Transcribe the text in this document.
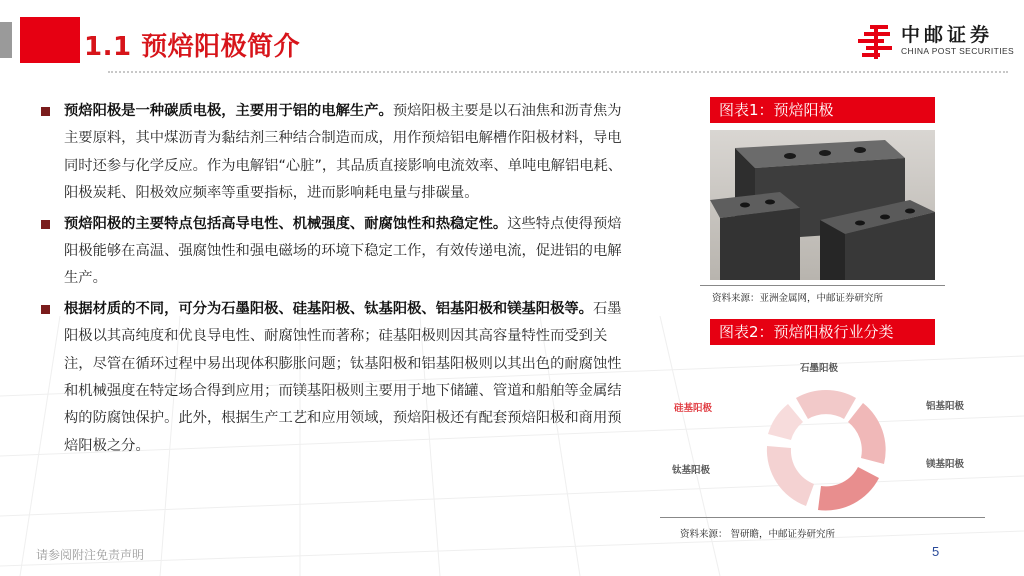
1.1 预焙阳极简介	中邮证券
CHINA POST SECURITIES
预焙阳极是一种碳质电极，主要用于铝的电解生产。预焙阳极主要是以石油焦和沥青焦为主要原料，其中煤沥青为黏结剂三种结合制造而成，用作预焙铝电解槽作阳极材料，导电同时还参与化学反应。作为电解铝“心脏”，其品质直接影响电流效率、单吨电解铝电耗、阳极炭耗、阳极效应频率等重要指标，进而影响耗电量与排碳量。
预焙阳极的主要特点包括高导电性、机械强度、耐腐蚀性和热稳定性。这些特点使得预焙阳极能够在高温、强腐蚀性和强电磁场的环境下稳定工作，有效传递电流，促进铝的电解生产。
根据材质的不同，可分为石墨阳极、硅基阳极、钛基阳极、铝基阳极和镁基阳极等。石墨阳极以其高纯度和优良导电性、耐腐蚀性而著称；硅基阳极则因其高容量特性而受到关注，尽管在循环过程中易出现体积膨胀问题；钛基阳极和铝基阳极则以其出色的耐腐蚀性和机械强度在特定场合得到应用；而镁基阳极则主要用于地下储罐、管道和船舶等金属结构的防腐蚀保护。此外，根据生产工艺和应用领域，预焙阳极还有配套预焙阳极和商用预焙阳极之分。
图表1：预焙阳极
资料来源：亚洲金属网，中邮证券研究所
图表2：预焙阳极行业分类
石墨阳极
铝基阳极
镁基阳极
钛基阳极
硅基阳极
资料来源： 智研瞻，中邮证券研究所
请参阅附注免责声明	5
